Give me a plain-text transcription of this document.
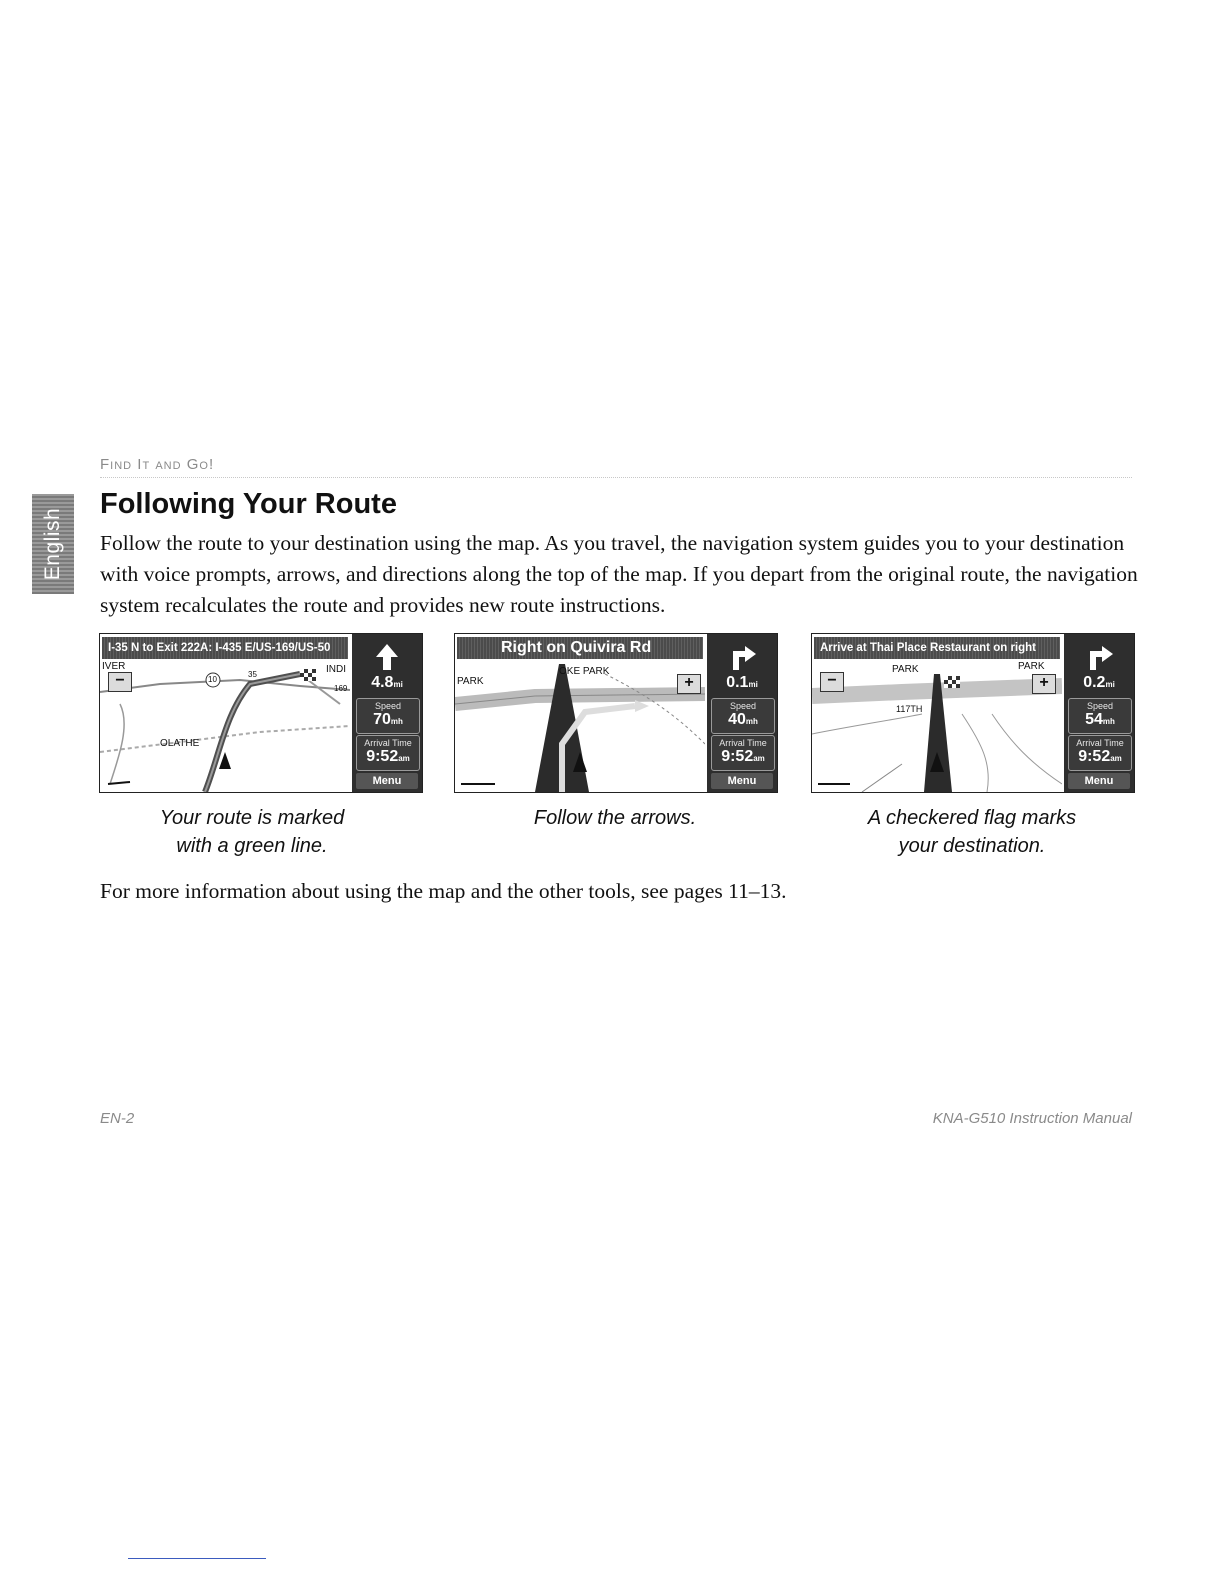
Find It and Go!
English
Following Your Route

Follow the route to your destination using the map. As you travel, the navigation system guides you to your destination with voice prompts, arrows, and directions along the top of the map. If you depart from the original route, the navigation system recalculates the route and provides new route instructions.

I-35 N to Exit 222A: I-435 E/US-169/US-50
−
IVER	INDI
OLATHE
10
35
169	4.8mi
Speed
70mh
Arrival Time
9:52am
Menu
Right on Quivira Rd
+
OKE PARK
PARK	0.1mi
Speed
40mh
Arrival Time
9:52am
Menu
Arrive at Thai Place Restaurant on right
−	+
PARK	PARK
117TH
0.2mi
Speed
54mh
Arrival Time
9:52am
Menu
Your route is marked
with a green line.
Follow the arrows.	A checkered flag marks
your destination.

For more information about using the map and the other tools, see pages 11–13.

EN-2	KNA-G510 Instruction Manual
